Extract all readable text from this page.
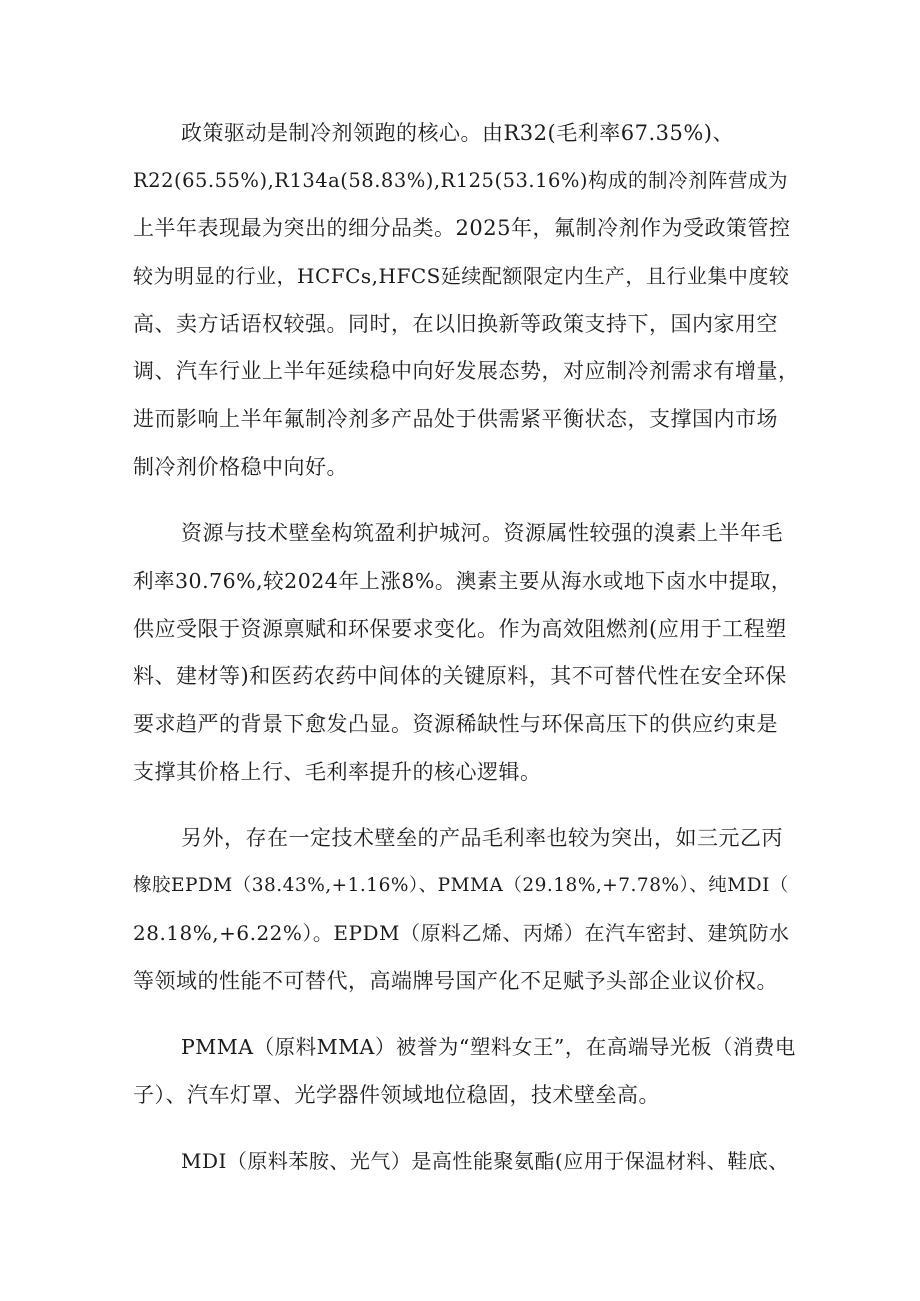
政策驱动是制冷剂领跑的核心。由R32(毛利率67.35%)、
R22(65.55%),R134a(58.83%),R125(53.16%)构成的制冷剂阵营成为
上半年表现最为突出的细分品类。2025年，氟制冷剂作为受政策管控
较为明显的行业，HCFCs,HFCS延续配额限定内生产，且行业集中度较
高、卖方话语权较强。同时，在以旧换新等政策支持下，国内家用空
调、汽车行业上半年延续稳中向好发展态势，对应制冷剂需求有增量，
进而影响上半年氟制冷剂多产品处于供需紧平衡状态，支撑国内市场
制冷剂价格稳中向好。
资源与技术壁垒构筑盈利护城河。资源属性较强的溴素上半年毛
利率30.76%,较2024年上涨8%。澳素主要从海水或地下卤水中提取，
供应受限于资源禀赋和环保要求变化。作为高效阻燃剂(应用于工程塑
料、建材等)和医药农药中间体的关键原料，其不可替代性在安全环保
要求趋严的背景下愈发凸显。资源稀缺性与环保高压下的供应约束是
支撑其价格上行、毛利率提升的核心逻辑。
另外，存在一定技术壁垒的产品毛利率也较为突出，如三元乙丙
橡胶EPDM（38.43%,+1.16%）、PMMA（29.18%,+7.78%）、纯MDI（
28.18%,+6.22%）。EPDM（原料乙烯、丙烯）在汽车密封、建筑防水
等领域的性能不可替代，高端牌号国产化不足赋予头部企业议价权。
PMMA（原料MMA）被誉为“塑料女王”，在高端导光板（消费电
子）、汽车灯罩、光学器件领域地位稳固，技术壁垒高。
MDI（原料苯胺、光气）是高性能聚氨酯(应用于保温材料、鞋底、
